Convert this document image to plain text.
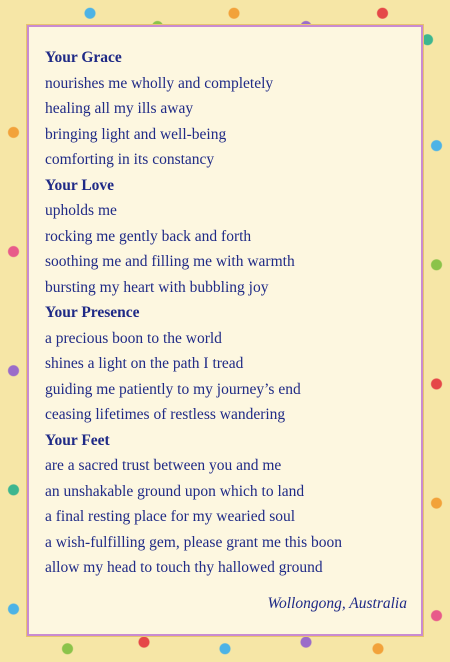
Your Grace
nourishes me wholly and completely
healing all my ills away
bringing light and well-being
comforting in its constancy
Your Love
upholds me
rocking me gently back and forth
soothing me and filling me with warmth
bursting my heart with bubbling joy
Your Presence
a precious boon to the world
shines a light on the path I tread
guiding me patiently to my journey’s end
ceasing lifetimes of restless wandering
Your Feet
are a sacred trust between you and me
an unshakable ground upon which to land
a final resting place for my wearied soul
a wish-fulfilling gem, please grant me this boon
allow my head to touch thy hallowed ground
Wollongong, Australia
